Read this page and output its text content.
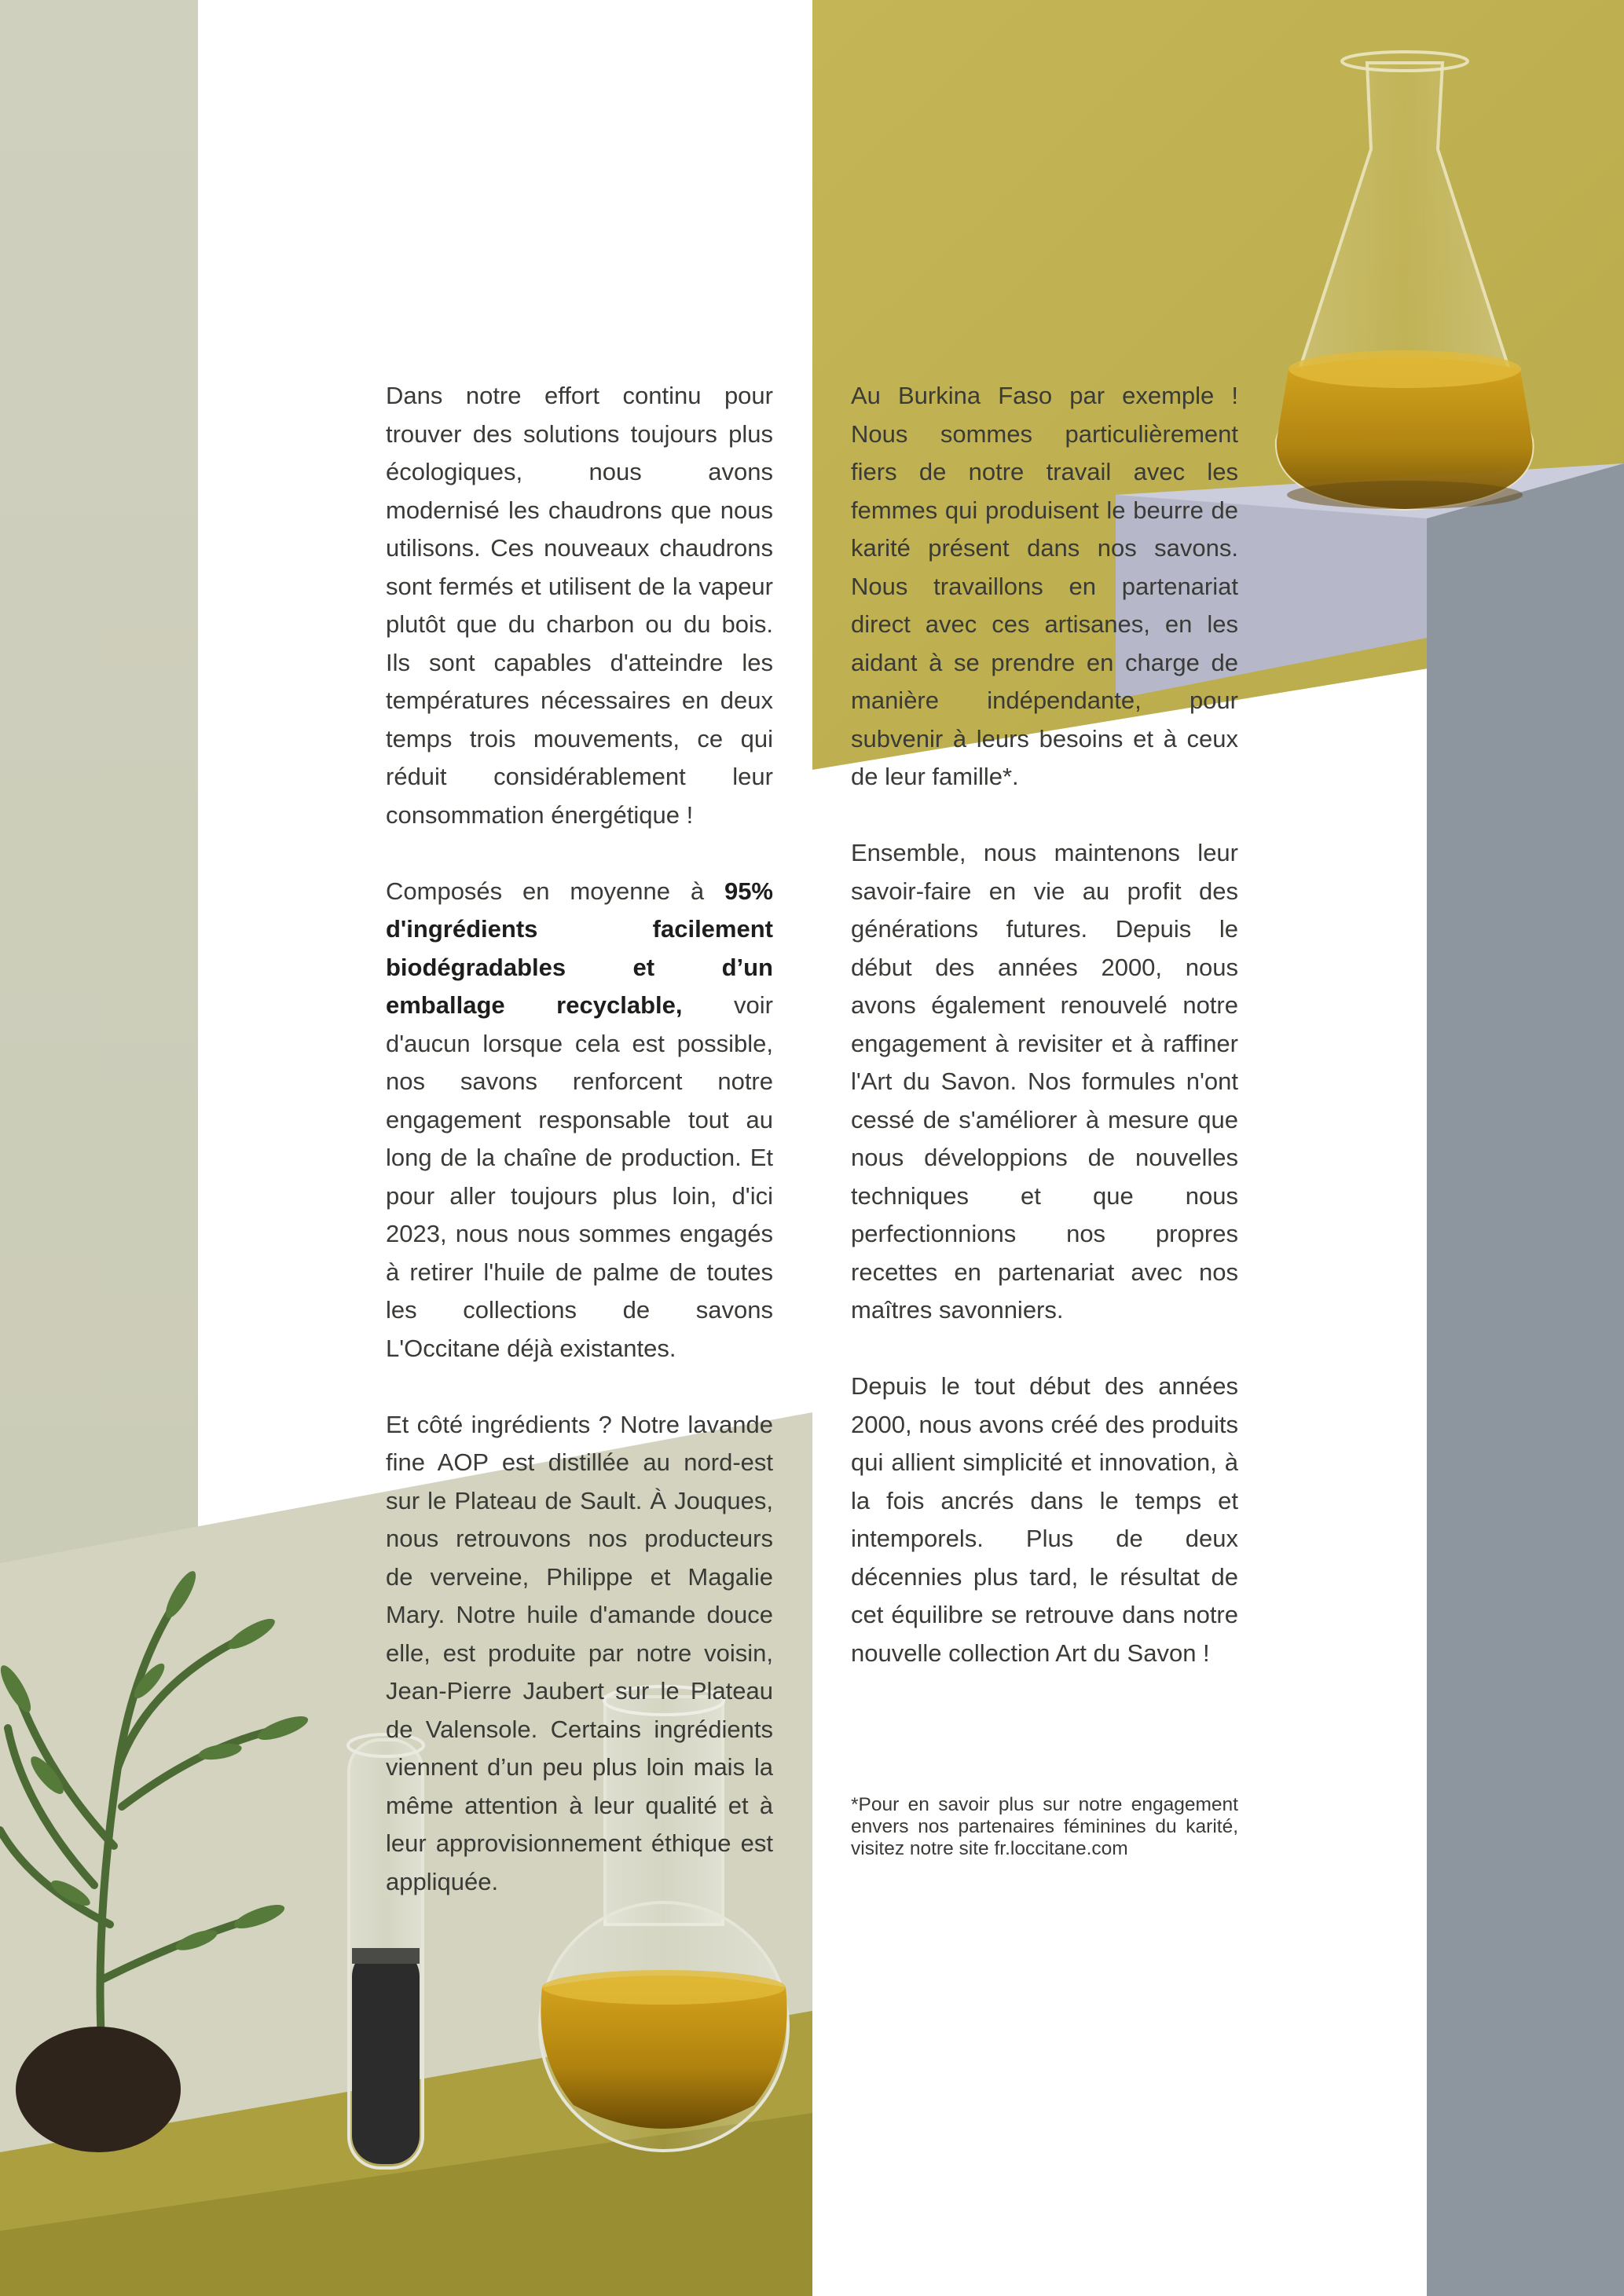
Dans notre effort continu pour trouver des solutions toujours plus écologiques, nous avons modernisé les chaudrons que nous utilisons. Ces nouveaux chaudrons sont fermés et utilisent de la vapeur plutôt que du charbon ou du bois. Ils sont capables d'atteindre les températures nécessaires en deux temps trois mouvements, ce qui réduit considérablement leur consommation énergétique !

Composés en moyenne à 95% d'ingrédients facilement biodégradables et d’un emballage recyclable, voir d'aucun lorsque cela est possible, nos savons renforcent notre engagement responsable tout au long de la chaîne de production. Et pour aller toujours plus loin, d'ici 2023, nous nous sommes engagés à retirer l'huile de palme de toutes les collections de savons L'Occitane déjà existantes.

Et côté ingrédients ? Notre lavande fine AOP est distillée au nord-est sur le Plateau de Sault. À Jouques, nous retrouvons nos producteurs de verveine, Philippe et Magalie Mary. Notre huile d'amande douce elle, est produite par notre voisin, Jean-Pierre Jaubert sur le Plateau de Valensole. Certains ingrédients viennent d’un peu plus loin mais la même attention à leur qualité et à leur approvisionnement éthique est appliquée.

Au Burkina Faso par exemple ! Nous sommes particulièrement fiers de notre travail avec les femmes qui produisent le beurre de karité présent dans nos savons. Nous travaillons en partenariat direct avec ces artisanes, en les aidant à se prendre en charge de manière indépendante, pour subvenir à leurs besoins et à ceux de leur famille*.

Ensemble, nous maintenons leur savoir-faire en vie au profit des générations futures. Depuis le début des années 2000, nous avons également renouvelé notre engagement à revisiter et à raffiner l'Art du Savon. Nos formules n'ont cessé de s'améliorer à mesure que nous développions de nouvelles techniques et que nous perfectionnions nos propres recettes en partenariat avec nos maîtres savonniers.

Depuis le tout début des années 2000, nous avons créé des produits qui allient simplicité et innovation, à la fois ancrés dans le temps et intemporels. Plus de deux décennies plus tard, le résultat de cet équilibre se retrouve dans notre nouvelle collection Art du Savon !

*Pour en savoir plus sur notre engagement envers nos partenaires féminines du karité, visitez notre site fr.loccitane.com
